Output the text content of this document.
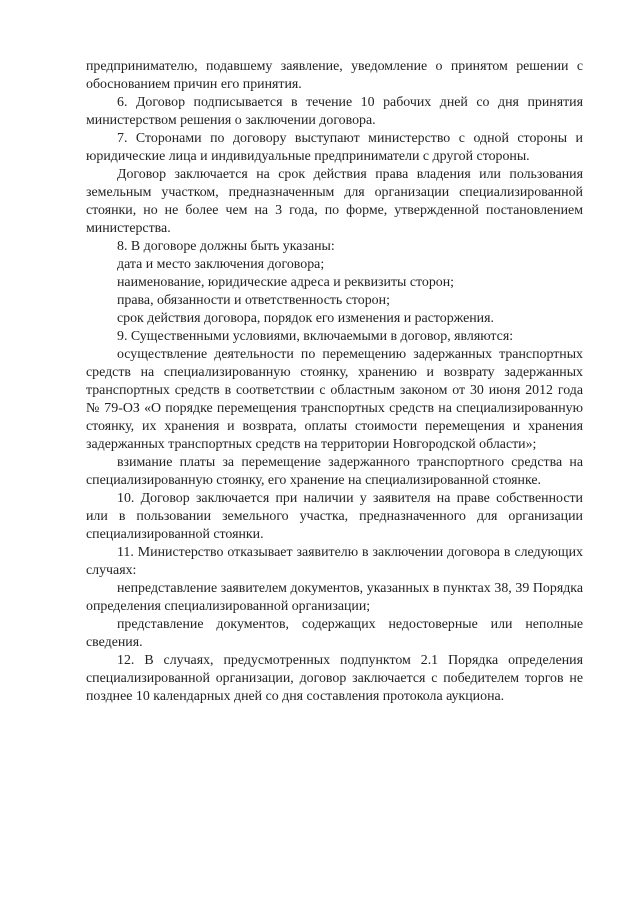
предпринимателю, подавшему заявление, уведомление о принятом решении с обоснованием причин его принятия.

6. Договор подписывается в течение 10 рабочих дней со дня принятия министерством решения о заключении договора.

7. Сторонами по договору выступают министерство с одной стороны и юридические лица и индивидуальные предприниматели с другой стороны.

Договор заключается на срок действия права владения или пользования земельным участком, предназначенным для организации специализированной стоянки, но не более чем на 3 года, по форме, утвержденной постановлением министерства.

8. В договоре должны быть указаны:

дата и место заключения договора;

наименование, юридические адреса и реквизиты сторон;

права, обязанности и ответственность сторон;

срок действия договора, порядок его изменения и расторжения.

9. Существенными условиями, включаемыми в договор, являются:

осуществление деятельности по перемещению задержанных транспортных средств на специализированную стоянку, хранению и возврату задержанных транспортных средств в соответствии с областным законом от 30 июня 2012 года № 79-ОЗ «О порядке перемещения транспортных средств на специализированную стоянку, их хранения и возврата, оплаты стоимости перемещения и хранения задержанных транспортных средств на территории Новгородской области»;

взимание платы за перемещение задержанного транспортного средства на специализированную стоянку, его хранение на специализированной стоянке.

10. Договор заключается при наличии у заявителя на праве собственности или в пользовании земельного участка, предназначенного для организации специализированной стоянки.

11. Министерство отказывает заявителю в заключении договора в следующих случаях:

непредставление заявителем документов, указанных в пунктах 38, 39 Порядка определения специализированной организации;

представление документов, содержащих недостоверные или неполные сведения.

12. В случаях, предусмотренных подпунктом 2.1 Порядка определения специализированной организации, договор заключается с победителем торгов не позднее 10 календарных дней со дня составления протокола аукциона.
